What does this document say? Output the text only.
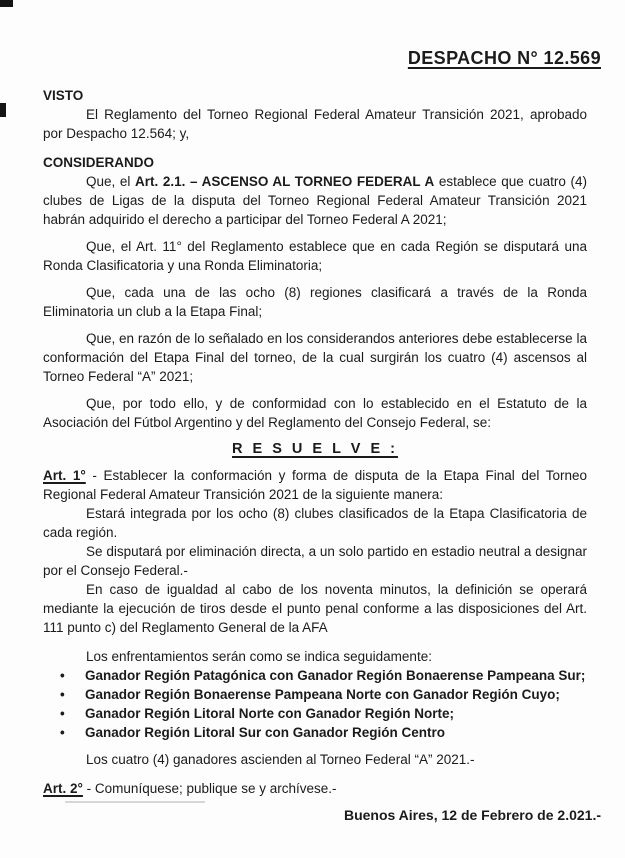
DESPACHO N° 12.569
VISTO

El Reglamento del Torneo Regional Federal Amateur Transición 2021, aprobado por Despacho 12.564; y,

CONSIDERANDO

Que, el Art. 2.1. – ASCENSO AL TORNEO FEDERAL A establece que cuatro (4) clubes de Ligas de la disputa del Torneo Regional Federal Amateur Transición 2021 habrán adquirido el derecho a participar del Torneo Federal A 2021;

Que, el Art. 11° del Reglamento establece que en cada Región se disputará una Ronda Clasificatoria y una Ronda Eliminatoria;

Que, cada una de las ocho (8) regiones clasificará a través de la Ronda Eliminatoria un club a la Etapa Final;

Que, en razón de lo señalado en los considerandos anteriores debe establecerse la conformación del Etapa Final del torneo, de la cual surgirán los cuatro (4) ascensos al Torneo Federal “A” 2021;

Que, por todo ello, y de conformidad con lo establecido en el Estatuto de la Asociación del Fútbol Argentino y del Reglamento del Consejo Federal, se:

R E S U E L V E :

Art. 1° - Establecer la conformación y forma de disputa de la Etapa Final del Torneo Regional Federal Amateur Transición 2021 de la siguiente manera:

Estará integrada por los ocho (8) clubes clasificados de la Etapa Clasificatoria de cada región.

Se disputará por eliminación directa, a un solo partido en estadio neutral a designar por el Consejo Federal.-

En caso de igualdad al cabo de los noventa minutos, la definición se operará mediante la ejecución de tiros desde el punto penal conforme a las disposiciones del Art. 111 punto c) del Reglamento General de la AFA

Los enfrentamientos serán como se indica seguidamente:

• Ganador Región Patagónica con Ganador Región Bonaerense Pampeana Sur;
• Ganador Región Bonaerense Pampeana Norte con Ganador Región Cuyo;
• Ganador Región Litoral Norte con Ganador Región Norte;
• Ganador Región Litoral Sur con Ganador Región Centro

Los cuatro (4) ganadores ascienden al Torneo Federal “A” 2021.-

Art. 2° - Comuníquese; publique se y archívese.-

Buenos Aires, 12 de Febrero de 2.021.-
